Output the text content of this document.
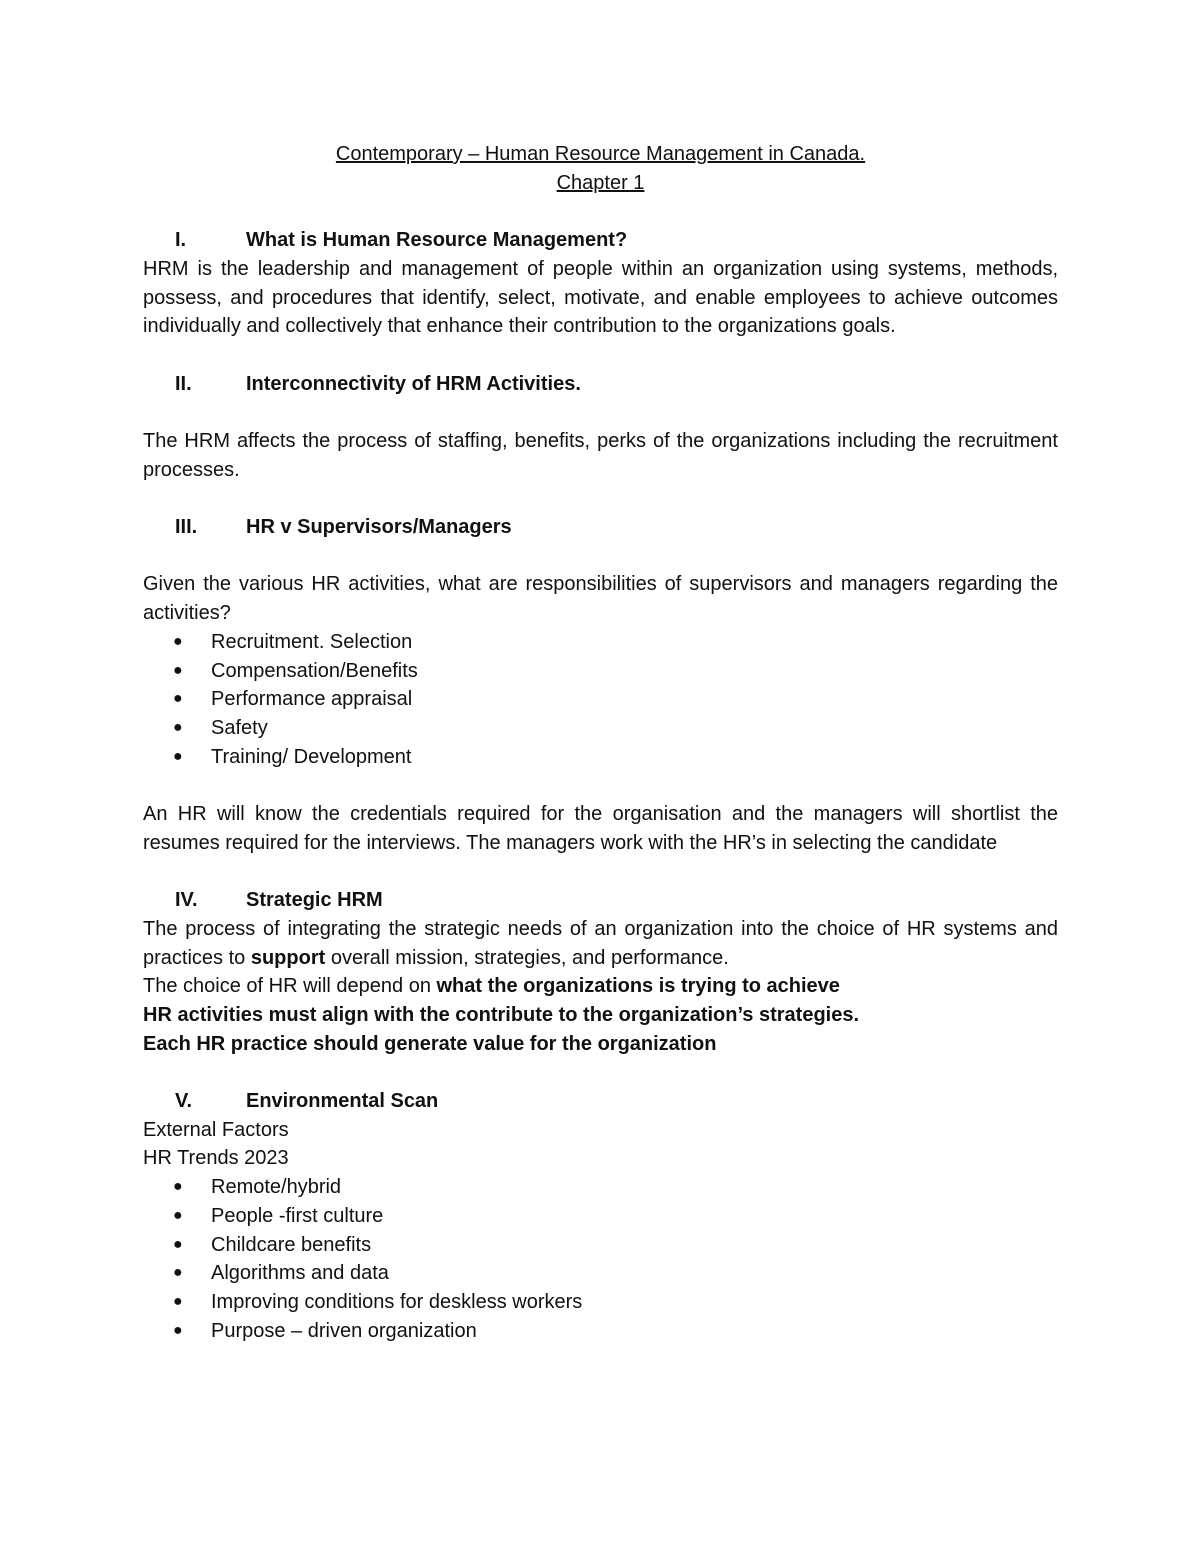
Contemporary – Human Resource Management in Canada.

Chapter 1

I.	What is Human Resource Management?

HRM is the leadership and management of people within an organization using systems, methods, possess, and procedures that identify, select, motivate, and enable employees to achieve outcomes individually and collectively that enhance their contribution to the organizations goals.

II.	Interconnectivity of HRM Activities.

The HRM affects the process of staffing, benefits, perks of the organizations including the recruitment processes.

III.	HR v Supervisors/Managers

Given the various HR activities, what are responsibilities of supervisors and managers regarding the activities?

●	Recruitment. Selection
●	Compensation/Benefits
●	Performance appraisal
●	Safety
●	Training/ Development

An HR will know the credentials required for the organisation and the managers will shortlist the resumes required for the interviews. The managers work with the HR’s in selecting the candidate

IV.	Strategic HRM

The process of integrating the strategic needs of an organization into the choice of HR systems and practices to support overall mission, strategies, and performance.

The choice of HR will depend on what the organizations is trying to achieve

HR activities must align with the contribute to the organization’s strategies.

Each HR practice should generate value for the organization

V.	Environmental Scan

External Factors

HR Trends 2023

●	Remote/hybrid
●	People -first culture
●	Childcare benefits
●	Algorithms and data
●	Improving conditions for deskless workers
●	Purpose – driven organization
